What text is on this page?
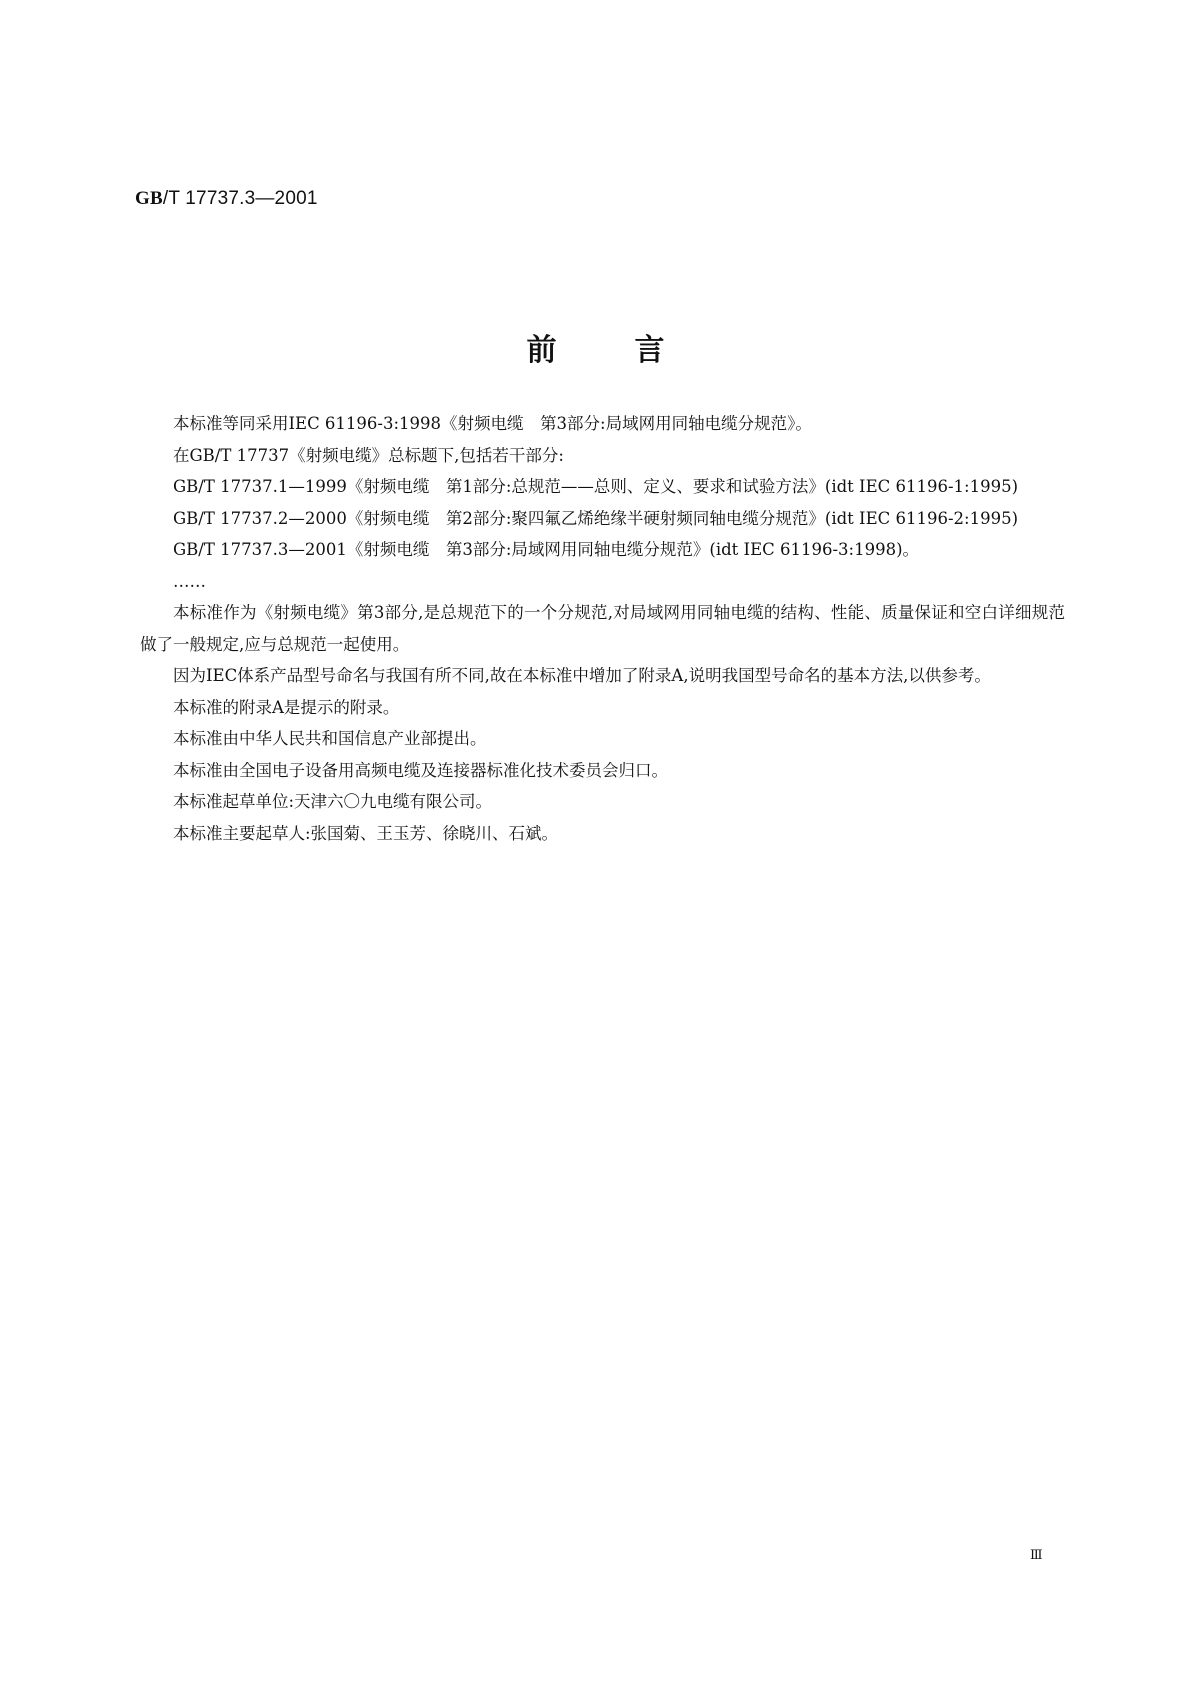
GB/T 17737.3—2001
前言

本标准等同采用IEC 61196-3:1998《射频电缆　第3部分:局域网用同轴电缆分规范》。

在GB/T 17737《射频电缆》总标题下,包括若干部分:

GB/T 17737.1—1999《射频电缆　第1部分:总规范——总则、定义、要求和试验方法》(idt IEC 61196-1:1995)

GB/T 17737.2—2000《射频电缆　第2部分:聚四氟乙烯绝缘半硬射频同轴电缆分规范》(idt IEC 61196-2:1995)

GB/T 17737.3—2001《射频电缆　第3部分:局域网用同轴电缆分规范》(idt IEC 61196-3:1998)。

……

本标准作为《射频电缆》第3部分,是总规范下的一个分规范,对局域网用同轴电缆的结构、性能、质量保证和空白详细规范做了一般规定,应与总规范一起使用。

因为IEC体系产品型号命名与我国有所不同,故在本标准中增加了附录A,说明我国型号命名的基本方法,以供参考。

本标准的附录A是提示的附录。

本标准由中华人民共和国信息产业部提出。

本标准由全国电子设备用高频电缆及连接器标准化技术委员会归口。

本标准起草单位:天津六〇九电缆有限公司。

本标准主要起草人:张国菊、王玉芳、徐晓川、石斌。

Ⅲ
